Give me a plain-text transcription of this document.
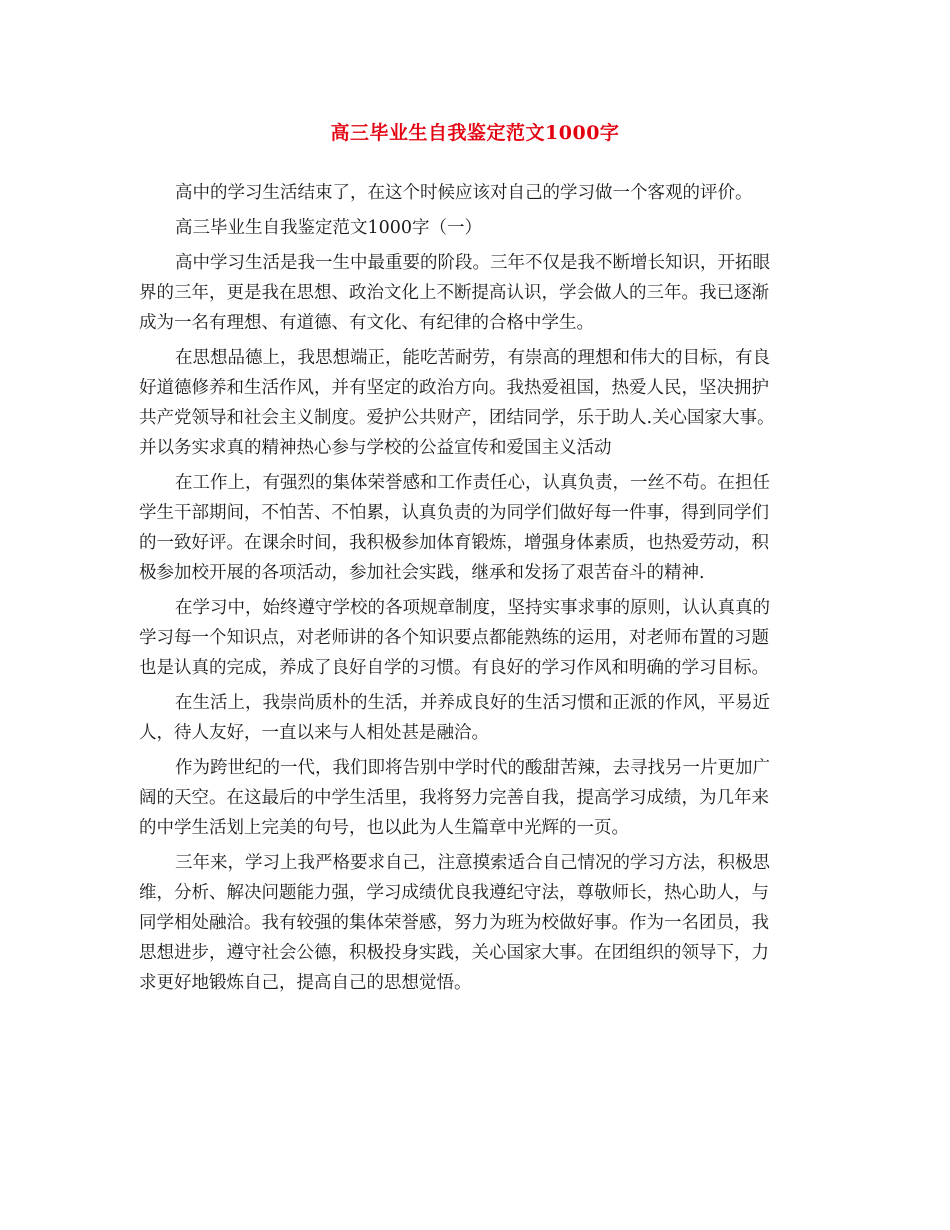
高三毕业生自我鉴定范文1000字
高中的学习生活结束了，在这个时候应该对自己的学习做一个客观的评价。
高三毕业生自我鉴定范文1000字（一）
高中学习生活是我一生中最重要的阶段。三年不仅是我不断增长知识，开拓眼
界的三年，更是我在思想、政治文化上不断提高认识，学会做人的三年。我已逐渐
成为一名有理想、有道德、有文化、有纪律的合格中学生。
在思想品德上，我思想端正，能吃苦耐劳，有崇高的理想和伟大的目标，有良
好道德修养和生活作风，并有坚定的政治方向。我热爱祖国，热爱人民，坚决拥护
共产党领导和社会主义制度。爱护公共财产，团结同学，乐于助人.关心国家大事。
并以务实求真的精神热心参与学校的公益宣传和爱国主义活动
在工作上，有强烈的集体荣誉感和工作责任心，认真负责，一丝不苟。在担任
学生干部期间，不怕苦、不怕累，认真负责的为同学们做好每一件事，得到同学们
的一致好评。在课余时间，我积极参加体育锻炼，增强身体素质，也热爱劳动，积
极参加校开展的各项活动，参加社会实践，继承和发扬了艰苦奋斗的精神.
在学习中，始终遵守学校的各项规章制度，坚持实事求事的原则，认认真真的
学习每一个知识点，对老师讲的各个知识要点都能熟练的运用，对老师布置的习题
也是认真的完成，养成了良好自学的习惯。有良好的学习作风和明确的学习目标。
在生活上，我崇尚质朴的生活，并养成良好的生活习惯和正派的作风，平易近
人，待人友好，一直以来与人相处甚是融洽。
作为跨世纪的一代，我们即将告别中学时代的酸甜苦辣，去寻找另一片更加广
阔的天空。在这最后的中学生活里，我将努力完善自我，提高学习成绩，为几年来
的中学生活划上完美的句号，也以此为人生篇章中光辉的一页。
三年来，学习上我严格要求自己，注意摸索适合自己情况的学习方法，积极思
维，分析、解决问题能力强，学习成绩优良我遵纪守法，尊敬师长，热心助人，与
同学相处融洽。我有较强的集体荣誉感，努力为班为校做好事。作为一名团员，我
思想进步，遵守社会公德，积极投身实践，关心国家大事。在团组织的领导下，力
求更好地锻炼自己，提高自己的思想觉悟。
